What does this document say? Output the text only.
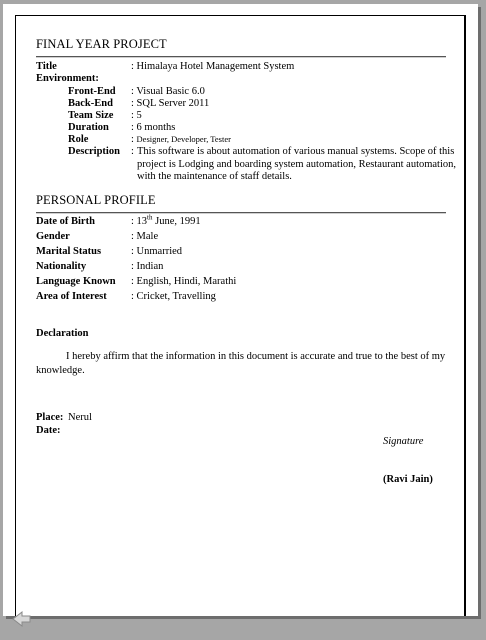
FINAL YEAR PROJECT
Title	: Himalaya Hotel Management System
Environment:
Front-End : Visual Basic 6.0
Back-End : SQL Server 2011
Team Size : 5
Duration : 6 months
Role	: Designer, Developer, Tester
Description : This software is about automation of various manual systems. Scope of this project is Lodging and boarding system automation, Restaurant automation, with the maintenance of staff details.
PERSONAL PROFILE
Date of Birth	: 13th June, 1991
Gender	: Male
Marital Status	: Unmarried
Nationality	: Indian
Language Known : English, Hindi, Marathi
Area of Interest : Cricket, Travelling
Declaration
I hereby affirm that the information in this document is accurate and true to the best of my knowledge.
Place: Nerul
Date:
Signature
(Ravi Jain)
